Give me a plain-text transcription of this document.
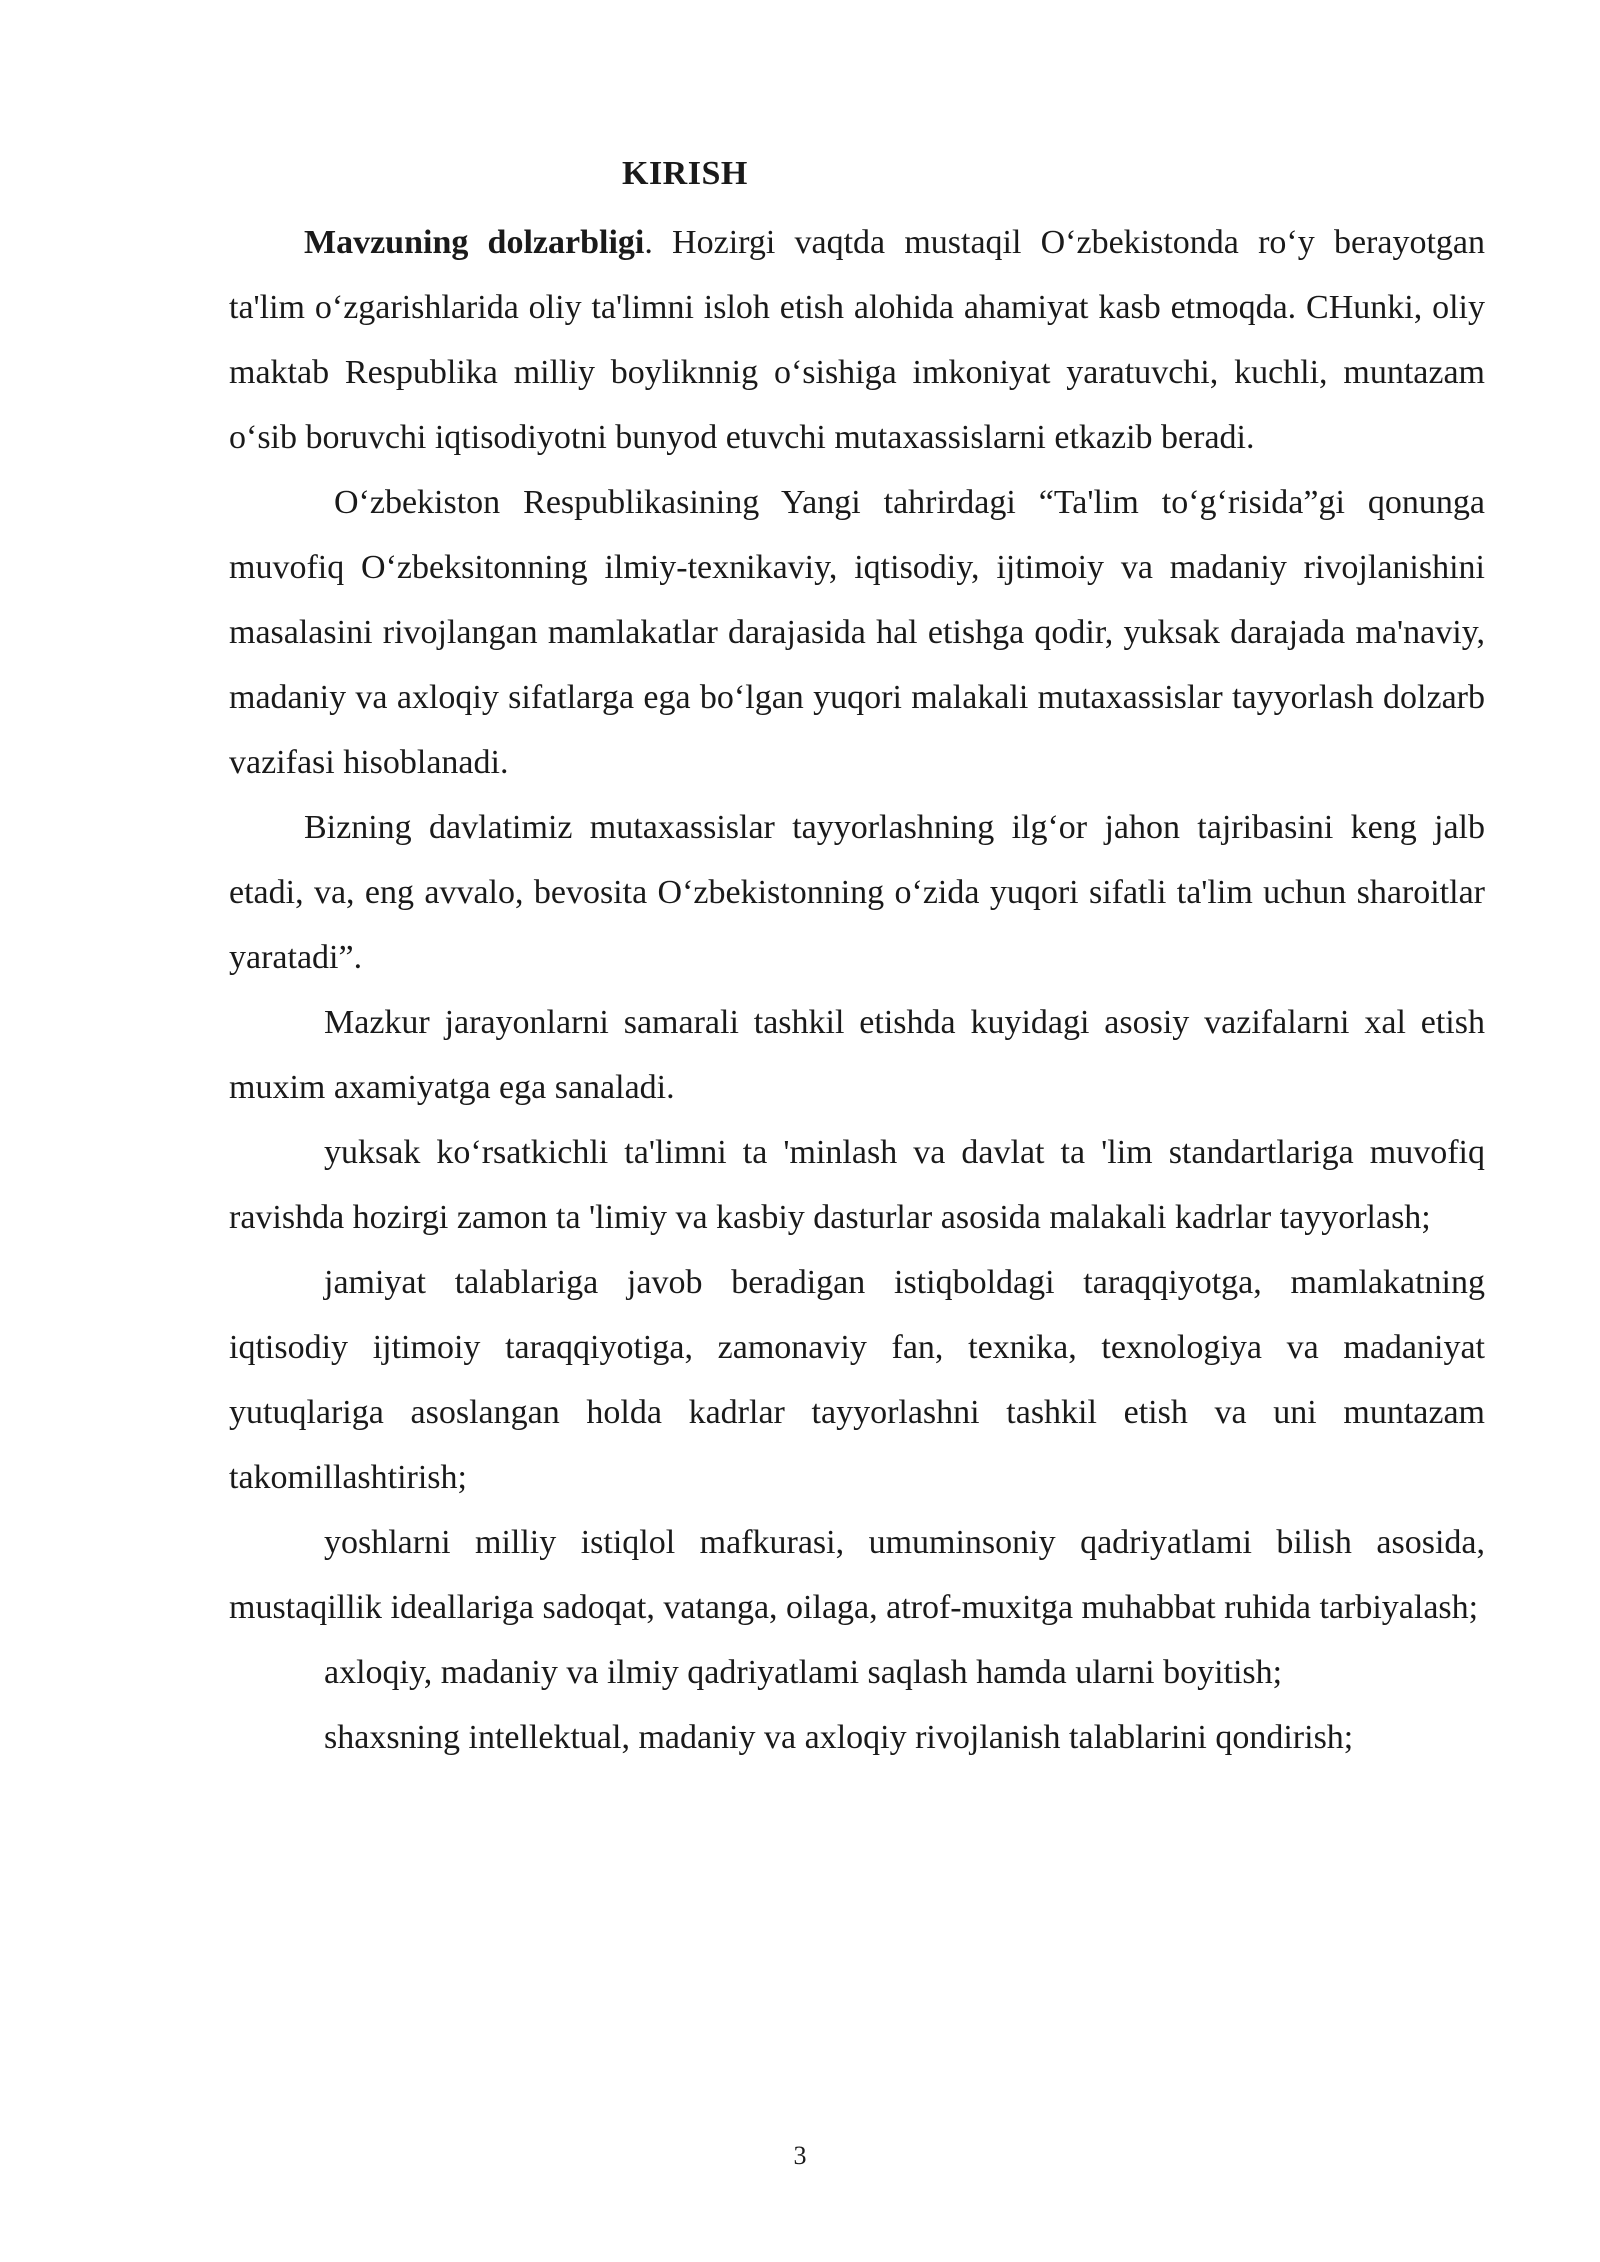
KIRISH

Mavzuning dolzarbligi. Hozirgi vaqtda mustaqil O‘zbekistonda ro‘y berayotgan ta'lim o‘zgarishlarida oliy ta'limni isloh etish alohida ahamiyat kasb etmoqda. CHunki, oliy maktab Respublika milliy boyliknnig o‘sishiga imkoniyat yaratuvchi, kuchli, muntazam o‘sib boruvchi iqtisodiyotni bunyod etuvchi mutaxassislarni etkazib beradi.

O‘zbekiston Respublikasining Yangi tahrirdagi “Ta'lim to‘g‘risida”gi qonunga muvofiq O‘zbeksitonning ilmiy-texnikaviy, iqtisodiy, ijtimoiy va madaniy rivojlanishini masalasini rivojlangan mamlakatlar darajasida hal etishga qodir, yuksak darajada ma'naviy, madaniy va axloqiy sifatlarga ega bo‘lgan yuqori malakali mutaxassislar tayyorlash dolzarb vazifasi hisoblanadi.

Bizning davlatimiz mutaxassislar tayyorlashning ilg‘or jahon tajribasini keng jalb etadi, va, eng avvalo, bevosita O‘zbekistonning o‘zida yuqori sifatli ta'lim uchun sharoitlar yaratadi”.

Mazkur jarayonlarni samarali tashkil etishda kuyidagi asosiy vazifalarni xal etish muxim axamiyatga ega sanaladi.

yuksak ko‘rsatkichli ta'limni ta 'minlash va davlat ta 'lim standartlariga muvofiq ravishda hozirgi zamon ta 'limiy va kasbiy dasturlar asosida malakali kadrlar tayyorlash;

jamiyat talablariga javob beradigan istiqboldagi taraqqiyotga, mamlakatning iqtisodiy ijtimoiy taraqqiyotiga, zamonaviy fan, texnika, texnologiya va madaniyat yutuqlariga asoslangan holda kadrlar tayyorlashni tashkil etish va uni muntazam takomillashtirish;

yoshlarni milliy istiqlol mafkurasi, umuminsoniy qadriyatlami bilish asosida, mustaqillik ideallariga sadoqat, vatanga, oilaga, atrof-muxitga muhabbat ruhida tarbiyalash;

axloqiy, madaniy va ilmiy qadriyatlami saqlash hamda ularni boyitish;

shaxsning intellektual, madaniy va axloqiy rivojlanish talablarini qondirish;

3
